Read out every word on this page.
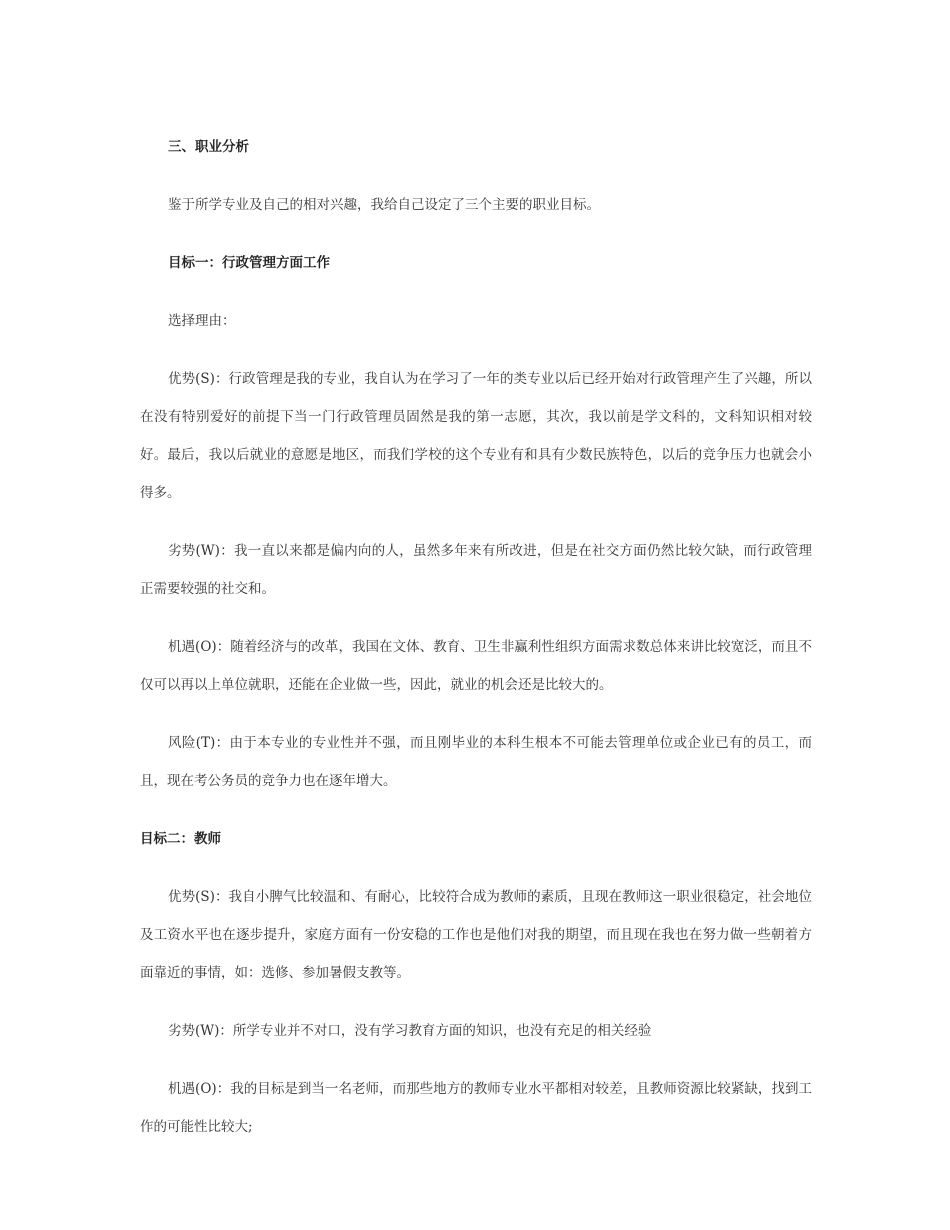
三、职业分析

鉴于所学专业及自己的相对兴趣，我给自己设定了三个主要的职业目标。

目标一：行政管理方面工作

选择理由：

优势(S)：行政管理是我的专业，我自认为在学习了一年的类专业以后已经开始对行政管理产生了兴趣，所以在没有特别爱好的前提下当一门行政管理员固然是我的第一志愿，其次，我以前是学文科的，文科知识相对较好。最后，我以后就业的意愿是地区，而我们学校的这个专业有和具有少数民族特色，以后的竞争压力也就会小得多。

劣势(W)：我一直以来都是偏内向的人，虽然多年来有所改进，但是在社交方面仍然比较欠缺，而行政管理正需要较强的社交和。

机遇(O)：随着经济与的改革，我国在文体、教育、卫生非赢利性组织方面需求数总体来讲比较宽泛，而且不仅可以再以上单位就职，还能在企业做一些，因此，就业的机会还是比较大的。

风险(T)：由于本专业的专业性并不强，而且刚毕业的本科生根本不可能去管理单位或企业已有的员工，而且，现在考公务员的竞争力也在逐年增大。

目标二：教师

优势(S)：我自小脾气比较温和、有耐心，比较符合成为教师的素质，且现在教师这一职业很稳定，社会地位及工资水平也在逐步提升，家庭方面有一份安稳的工作也是他们对我的期望，而且现在我也在努力做一些朝着方面靠近的事情，如：选修、参加暑假支教等。

劣势(W)：所学专业并不对口，没有学习教育方面的知识，也没有充足的相关经验

机遇(O)：我的目标是到当一名老师，而那些地方的教师专业水平都相对较差，且教师资源比较紧缺，找到工作的可能性比较大;
